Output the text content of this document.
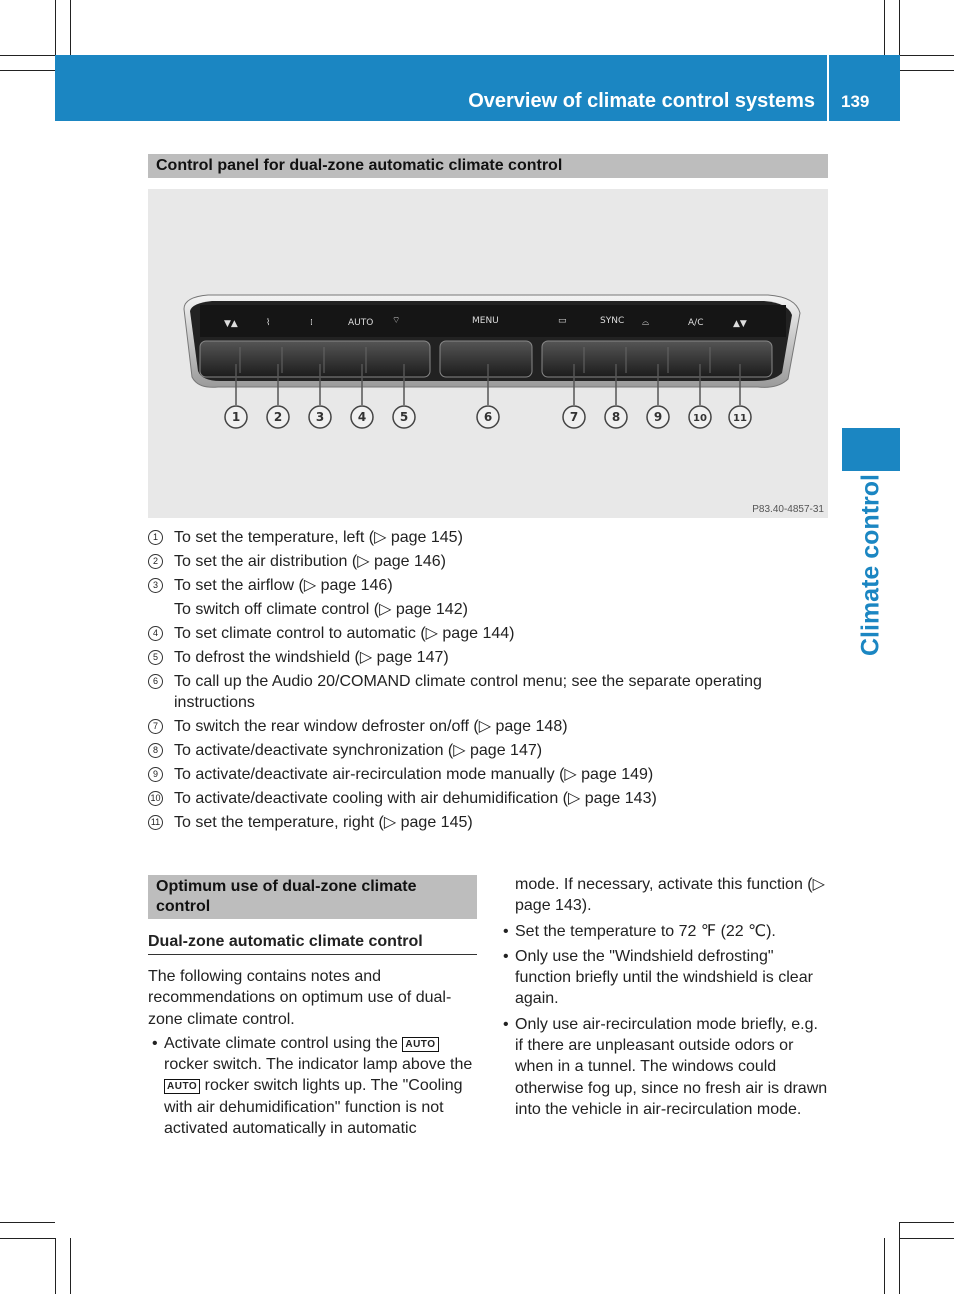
Overview of climate control systems 139
Climate control
Control panel for dual-zone automatic climate control
▼▲	⌇	⁞	AUTO ⌔	MENU	▭	SYNC ⌓	A/C	▲▼
1	2	3	4	5	6	7	8	9	10	11
P83.40-4857-31
1	To set the temperature, left (▷ page 145)
2	To set the air distribution (▷ page 146)
3	To set the airflow (▷ page 146)
To switch off climate control (▷ page 142)
4	To set climate control to automatic (▷ page 144)
5	To defrost the windshield (▷ page 147)
6	To call up the Audio 20/COMAND climate control menu; see the separate operating instructions
7	To switch the rear window defroster on/off (▷ page 148)
8	To activate/deactivate synchronization (▷ page 147)
9	To activate/deactivate air-recirculation mode manually (▷ page 149)
10 To activate/deactivate cooling with air dehumidification (▷ page 143)
11 To set the temperature, right (▷ page 145)
Optimum use of dual-zone climate control
Dual-zone automatic climate control

The following contains notes and recommendations on optimum use of dual-zone climate control.

• Activate climate control using the AUTO rocker switch. The indicator lamp above the AUTO rocker switch lights up. The "Cooling with air dehumidification" function is not activated automatically in automatic

mode. If necessary, activate this function (▷ page 143).

• Set the temperature to 72 ℉ (22 ℃).
• Only use the "Windshield defrosting" function briefly until the windshield is clear again.
• Only use air-recirculation mode briefly, e.g. if there are unpleasant outside odors or when in a tunnel. The windows could otherwise fog up, since no fresh air is drawn into the vehicle in air-recirculation mode.
